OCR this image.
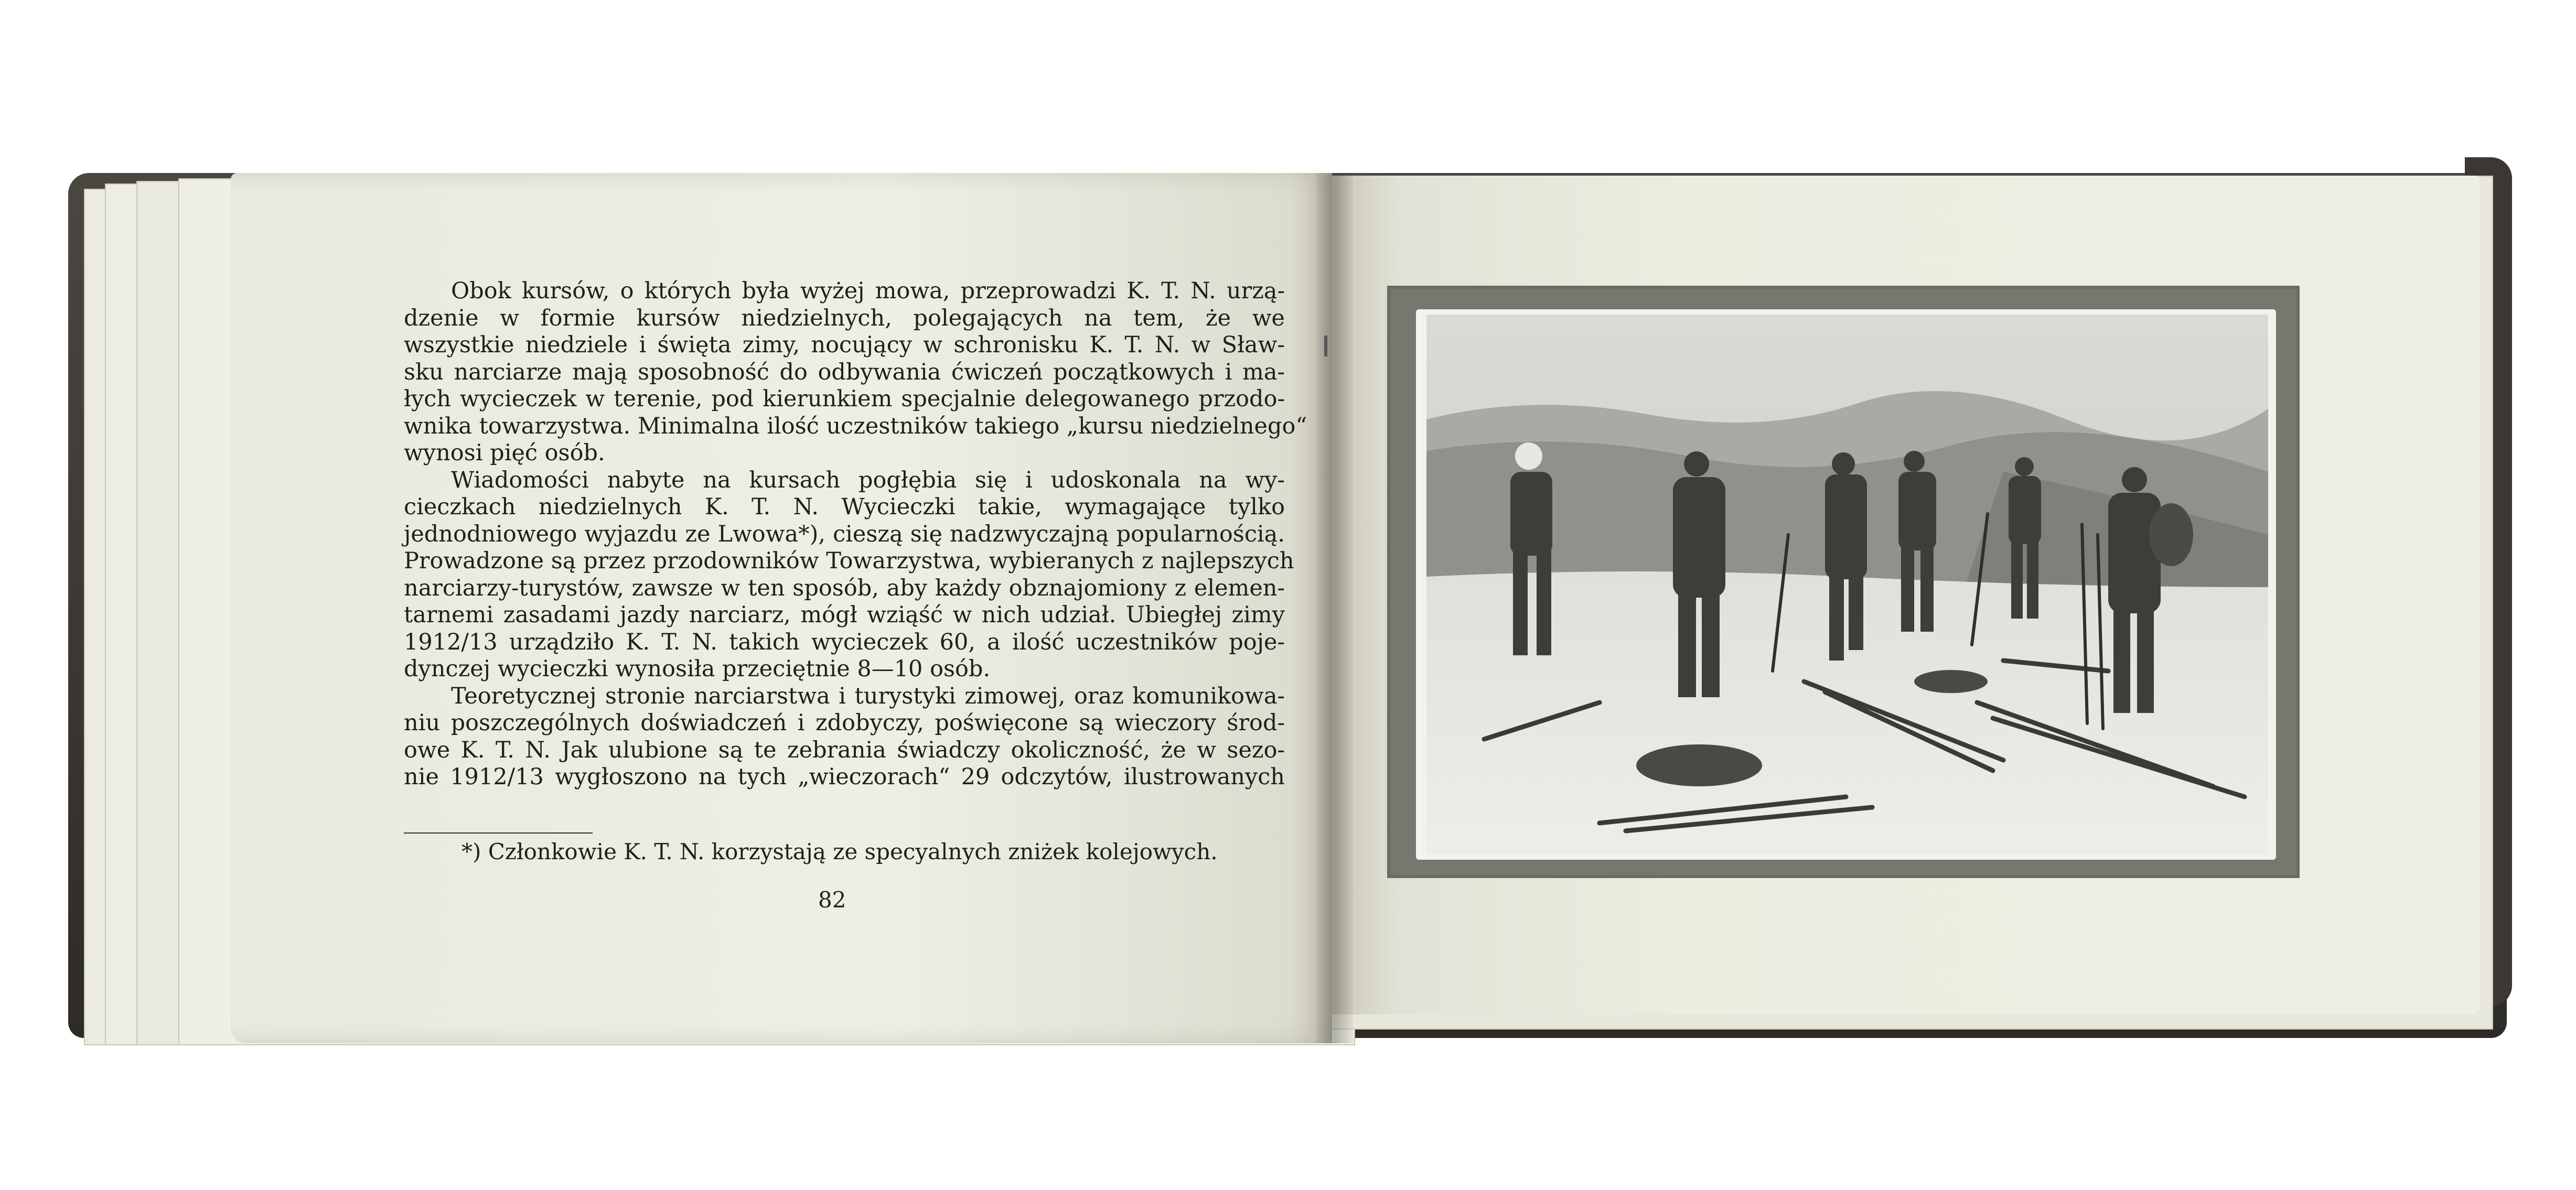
Obok kursów, o których była wyżej mowa, przeprowadzi K. T. N. urzą-
dzenie w formie kursów niedzielnych, polegających na tem, że we
wszystkie niedziele i święta zimy, nocujący w schronisku K. T. N. w Sław-
sku narciarze mają sposobność do odbywania ćwiczeń początkowych i ma-
łych wycieczek w terenie, pod kierunkiem specjalnie delegowanego przodo-
wnika towarzystwa. Minimalna ilość uczestników takiego „kursu niedzielnego“
wynosi pięć osób.
Wiadomości nabyte na kursach pogłębia się i udoskonala na wy-
cieczkach niedzielnych K. T. N. Wycieczki takie, wymagające tylko
jednodniowego wyjazdu ze Lwowa*), cieszą się nadzwyczajną popularnością.
Prowadzone są przez przodowników Towarzystwa, wybieranych z najlepszych
narciarzy-turystów, zawsze w ten sposób, aby każdy obznajomiony z elemen-
tarnemi zasadami jazdy narciarz, mógł wziąść w nich udział. Ubiegłej zimy
1912/13 urządziło K. T. N. takich wycieczek 60, a ilość uczestników poje-
dynczej wycieczki wynosiła przeciętnie 8—10 osób.
Teoretycznej stronie narciarstwa i turystyki zimowej, oraz komunikowa-
niu poszczególnych doświadczeń i zdobyczy, poświęcone są wieczory środ-
owe K. T. N. Jak ulubione są te zebrania świadczy okoliczność, że w sezo-
nie 1912/13 wygłoszono na tych „wieczorach“ 29 odczytów, ilustrowanych
*) Członkowie K. T. N. korzystają ze specyalnych zniżek kolejowych.
82
